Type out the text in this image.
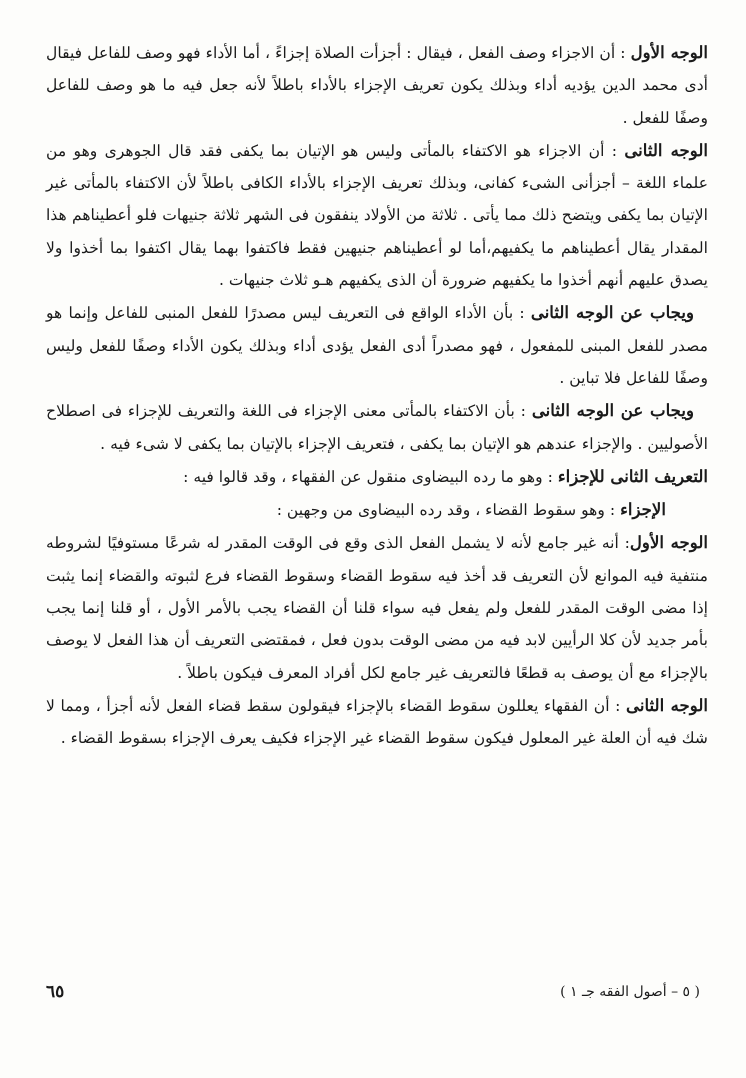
الوجه الأول : أن الاجزاء وصف الفعل ، فيقال : أجزأت الصلاة إجزاءً ، أما الأداء فهو وصف للفاعل فيقال أدى محمد الدين يؤديه أداء وبذلك يكون تعريف الإجزاء بالأداء باطلاً لأنه جعل فيه ما هو وصف للفاعل وصفًا للفعل .

الوجه الثانى : أن الاجزاء هو الاكتفاء بالمأتى وليس هو الإتيان بما يكفى فقد قال الجوهرى وهو من علماء اللغة – أجزأنى الشىء كفانى، وبذلك تعريف الإجزاء بالأداء الكافى باطلاً لأن الاكتفاء بالمأتى غير الإتيان بما يكفى ويتضح ذلك مما يأتى . ثلاثة من الأولاد ينفقون فى الشهر ثلاثة جنيهات فلو أعطيناهم هذا المقدار يقال أعطيناهم ما يكفيهم،أما لو أعطيناهم جنيهين فقط فاكتفوا بهما يقال اكتفوا بما أخذوا ولا يصدق عليهم أنهم أخذوا ما يكفيهم ضرورة أن الذى يكفيهم هـو ثلاث جنيهات .

ويجاب عن الوجه الثانى : بأن الأداء الواقع فى التعريف ليس مصدرًا للفعل المنبى للفاعل وإنما هو مصدر للفعل المبنى للمفعول ، فهو مصدراً أدى الفعل يؤدى أداء وبذلك يكون الأداء وصفًا للفعل وليس وصفًا للفاعل فلا تباين .

ويجاب عن الوجه الثانى : بأن الاكتفاء بالمأتى معنى الإجزاء فى اللغة والتعريف للإجزاء فى اصطلاح الأصوليين . والإجزاء عندهم هو الإتيان بما يكفى ، فتعريف الإجزاء بالإتيان بما يكفى لا شىء فيه .

التعريف الثانى للإجزاء : وهو ما رده البيضاوى منقول عن الفقهاء ، وقد قالوا فيه :

الإجزاء : وهو سقوط القضاء ، وقد رده البيضاوى من وجهين :

الوجه الأول: أنه غير جامع لأنه لا يشمل الفعل الذى وقع فى الوقت المقدر له شرعًا مستوفيًا لشروطه منتفية فيه الموانع لأن التعريف قد أخذ فيه سقوط القضاء وسقوط القضاء فرع لثبوته والقضاء إنما يثبت إذا مضى الوقت المقدر للفعل ولم يفعل فيه سواء قلنا أن القضاء يجب بالأمر الأول ، أو قلنا إنما يجب بأمر جديد لأن كلا الرأيين لابد فيه من مضى الوقت بدون فعل ، فمقتضى التعريف أن هذا الفعل لا يوصف بالإجزاء مع أن يوصف به قطعًا فالتعريف غير جامع لكل أفراد المعرف فيكون باطلاً .

الوجه الثانى : أن الفقهاء يعللون سقوط القضاء بالإجزاء فيقولون سقط قضاء الفعل لأنه أجزأ ، ومما لا شك فيه أن العلة غير المعلول فيكون سقوط القضاء غير الإجزاء فكيف يعرف الإجزاء بسقوط القضاء .

( ٥ – أصول الفقه جـ ١ )
٦٥
